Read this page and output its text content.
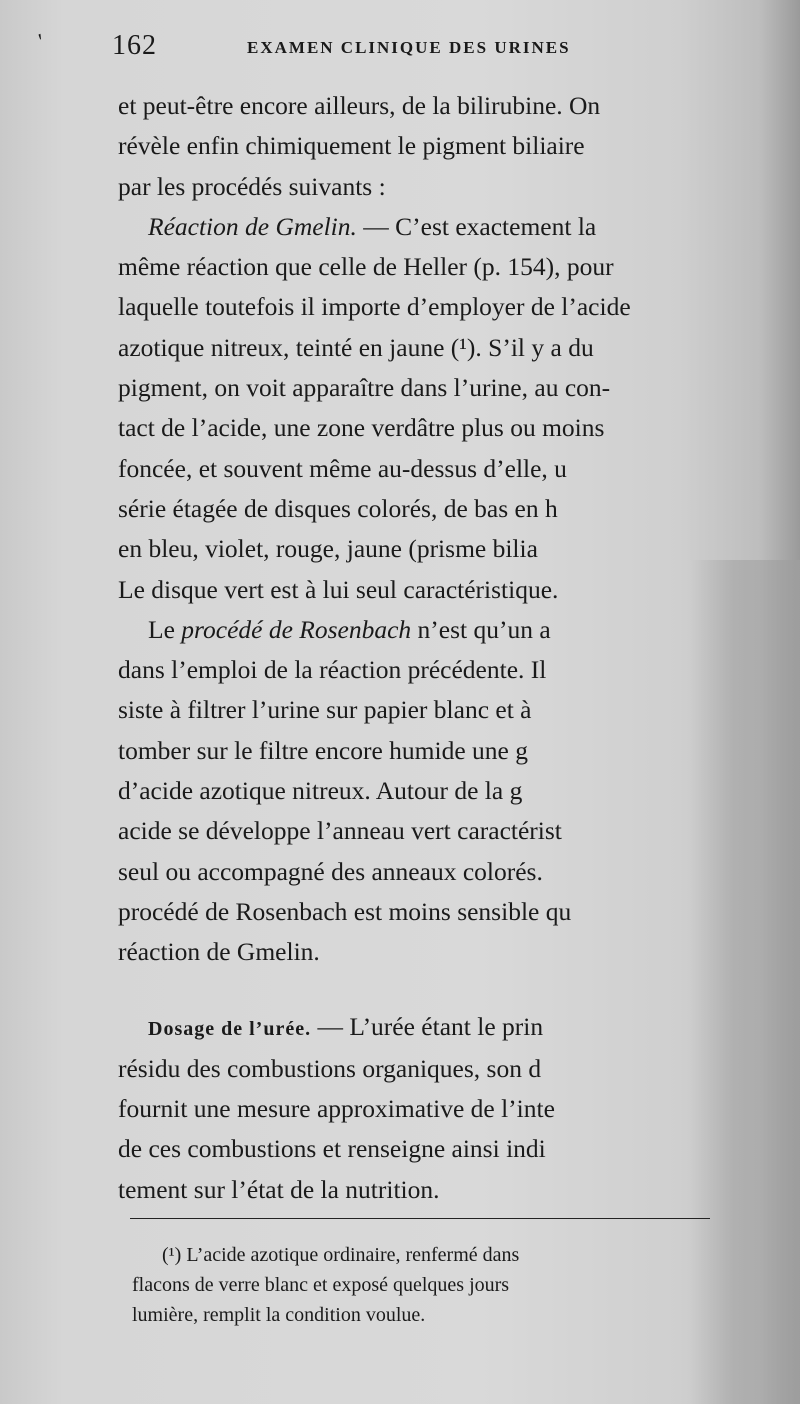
′ 162	EXAMEN CLINIQUE DES URINES

et peut-être encore ailleurs, de la bilirubine. On
révèle enfin chimiquement le pigment biliaire
par les procédés suivants :

Réaction de Gmelin. — C’est exactement la
même réaction que celle de Heller (p. 154), pour
laquelle toutefois il importe d’employer de l’acide
azotique nitreux, teinté en jaune (¹). S’il y a du
pigment, on voit apparaître dans l’urine, au con-
tact de l’acide, une zone verdâtre plus ou moins
foncée, et souvent même au-dessus d’elle, u
série étagée de disques colorés, de bas en h
en bleu, violet, rouge, jaune (prisme bilia
Le disque vert est à lui seul caractéristique.

Le procédé de Rosenbach n’est qu’un a
dans l’emploi de la réaction précédente. Il
siste à filtrer l’urine sur papier blanc et à
tomber sur le filtre encore humide une g
d’acide azotique nitreux. Autour de la g
acide se développe l’anneau vert caractérist
seul ou accompagné des anneaux colorés.
procédé de Rosenbach est moins sensible qu
réaction de Gmelin.

Dosage de l’urée. — L’urée étant le prin
résidu des combustions organiques, son d
fournit une mesure approximative de l’inte
de ces combustions et renseigne ainsi indi
tement sur l’état de la nutrition.

(¹) L’acide azotique ordinaire, renfermé dans
flacons de verre blanc et exposé quelques jours
lumière, remplit la condition voulue.
